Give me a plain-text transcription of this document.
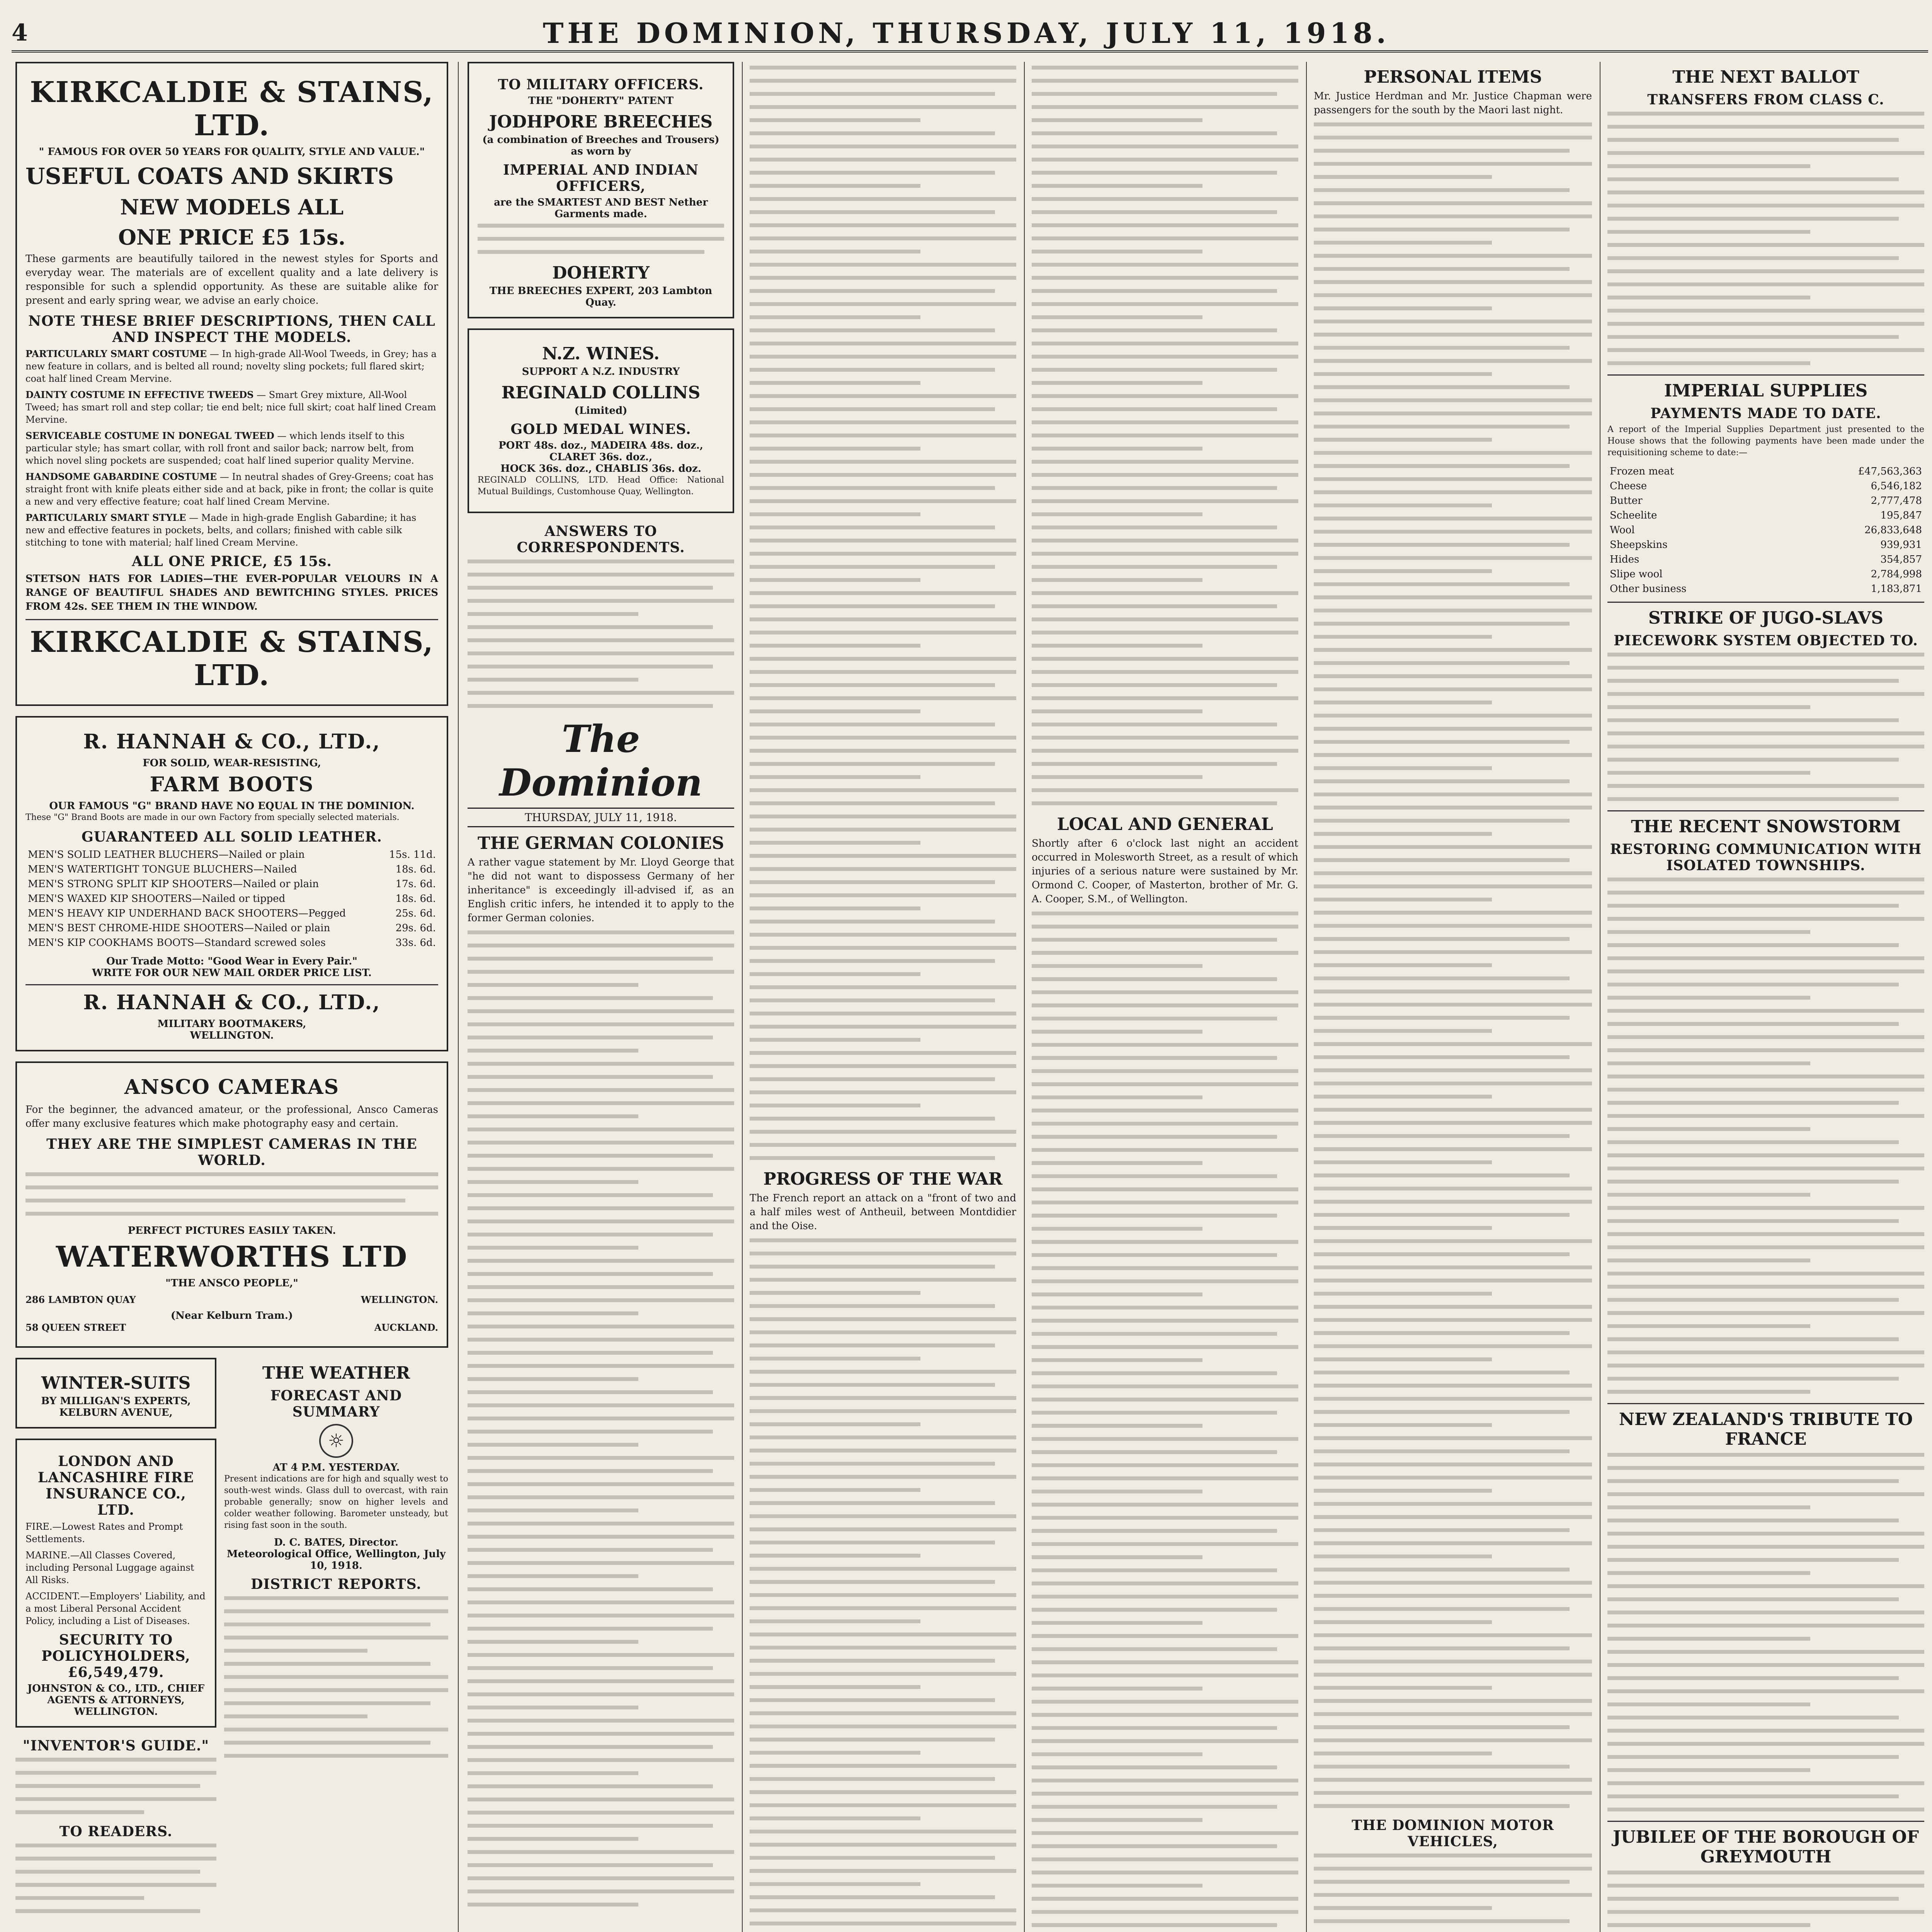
4	THE DOMINION, THURSDAY, JULY 11, 1918.
KIRKCALDIE & STAINS, LTD.
" FAMOUS FOR OVER 50 YEARS FOR QUALITY, STYLE AND VALUE."
USEFUL COATS AND SKIRTS
NEW MODELS ALL
ONE PRICE £5 15s.

These garments are beautifully tailored in the newest styles for Sports and everyday wear. The materials are of excellent quality and a late delivery is responsible for such a splendid opportunity. As these are suitable alike for present and early spring wear, we advise an early choice.

NOTE THESE BRIEF DESCRIPTIONS, THEN CALL AND INSPECT THE MODELS.

PARTICULARLY SMART COSTUME — In high-grade All-Wool Tweeds, in Grey; has a new feature in collars, and is belted all round; novelty sling pockets; full flared skirt; coat half lined Cream Mervine.

DAINTY COSTUME IN EFFECTIVE TWEEDS — Smart Grey mixture, All-Wool Tweed; has smart roll and step collar; tie end belt; nice full skirt; coat half lined Cream Mervine.

SERVICEABLE COSTUME IN DONEGAL TWEED — which lends itself to this particular style; has smart collar, with roll front and sailor back; narrow belt, from which novel sling pockets are suspended; coat half lined superior quality Mervine.

HANDSOME GABARDINE COSTUME — In neutral shades of Grey-Greens; coat has straight front with knife pleats either side and at back, pike in front; the collar is quite a new and very effective feature; coat half lined Cream Mervine.

PARTICULARLY SMART STYLE — Made in high-grade English Gabardine; it has new and effective features in pockets, belts, and collars; finished with cable silk stitching to tone with material; half lined Cream Mervine.

ALL ONE PRICE, £5 15s.

STETSON HATS FOR LADIES—THE EVER-POPULAR VELOURS IN A RANGE OF BEAUTIFUL SHADES AND BEWITCHING STYLES. PRICES FROM 42s. SEE THEM IN THE WINDOW.

KIRKCALDIE & STAINS, LTD.
R. HANNAH & CO., LTD.,
FOR SOLID, WEAR-RESISTING,
FARM BOOTS
OUR FAMOUS "G" BRAND HAVE NO EQUAL IN THE DOMINION.

These "G" Brand Boots are made in our own Factory from specially selected materials.

GUARANTEED ALL SOLID LEATHER.
MEN'S SOLID LEATHER BLUCHERS—Nailed or plain	15s. 11d.
MEN'S WATERTIGHT TONGUE BLUCHERS—Nailed	18s. 6d.
MEN'S STRONG SPLIT KIP SHOOTERS—Nailed or plain	17s. 6d.
MEN'S WAXED KIP SHOOTERS—Nailed or tipped	18s. 6d.
MEN'S HEAVY KIP UNDERHAND BACK SHOOTERS—Pegged	25s. 6d.
MEN'S BEST CHROME-HIDE SHOOTERS—Nailed or plain	29s. 6d.
MEN'S KIP COOKHAMS BOOTS—Standard screwed soles	33s. 6d.
Our Trade Motto: "Good Wear in Every Pair."
WRITE FOR OUR NEW MAIL ORDER PRICE LIST.
R. HANNAH & CO., LTD.,
MILITARY BOOTMAKERS,
WELLINGTON.
ANSCO CAMERAS

For the beginner, the advanced amateur, or the professional, Ansco Cameras offer many exclusive features which make photography easy and certain.

THEY ARE THE SIMPLEST CAMERAS IN THE WORLD.
PERFECT PICTURES EASILY TAKEN.
WATERWORTHS LTD
"THE ANSCO PEOPLE,"
286 LAMBTON QUAY	WELLINGTON.
(Near Kelburn Tram.)
58 QUEEN STREET	AUCKLAND.
WINTER-SUITS
BY MILLIGAN'S EXPERTS,
KELBURN AVENUE,
LONDON AND LANCASHIRE FIRE INSURANCE CO., LTD.

FIRE.—Lowest Rates and Prompt Settlements.

MARINE.—All Classes Covered, including Personal Luggage against All Risks.

ACCIDENT.—Employers' Liability, and a most Liberal Personal Accident Policy, including a List of Diseases.

SECURITY TO POLICYHOLDERS, £6,549,479.
JOHNSTON & CO., LTD., CHIEF AGENTS & ATTORNEYS, WELLINGTON.
"INVENTOR'S GUIDE."
TO READERS.
THE WEATHER
FORECAST AND SUMMARY
☼
AT 4 P.M. YESTERDAY.

Present indications are for high and squally west to south-west winds. Glass dull to overcast, with rain probable generally; snow on higher levels and colder weather following. Barometer unsteady, but rising fast soon in the south.

D. C. BATES, Director.
Meteorological Office, Wellington, July 10, 1918.
DISTRICT REPORTS.
TO MILITARY OFFICERS.
THE "DOHERTY" PATENT
JODHPORE BREECHES
(a combination of Breeches and Trousers) as worn by
IMPERIAL AND INDIAN OFFICERS,
are the SMARTEST AND BEST Nether Garments made.
DOHERTY
THE BREECHES EXPERT, 203 Lambton Quay.
N.Z. WINES.
SUPPORT A N.Z. INDUSTRY
REGINALD COLLINS
(Limited)
GOLD MEDAL WINES.
PORT 48s. doz., MADEIRA 48s. doz.,
CLARET 36s. doz.,
HOCK 36s. doz., CHABLIS 36s. doz.

REGINALD COLLINS, LTD. Head Office: National Mutual Buildings, Customhouse Quay, Wellington.

ANSWERS TO CORRESPONDENTS.
The Dominion
THURSDAY, JULY 11, 1918.
THE GERMAN COLONIES

A rather vague statement by Mr. Lloyd George that "he did not want to dispossess Germany of her inheritance" is exceedingly ill-advised if, as an English critic infers, he intended it to apply to the former German colonies.

PROGRESS OF THE WAR

The French report an attack on a "front of two and a half miles west of Antheuil, between Montdidier and the Oise.

LOCAL AND GENERAL

Shortly after 6 o'clock last night an accident occurred in Molesworth Street, as a result of which injuries of a serious nature were sustained by Mr. Ormond C. Cooper, of Masterton, brother of Mr. G. A. Cooper, S.M., of Wellington.

PERSONAL ITEMS

Mr. Justice Herdman and Mr. Justice Chapman were passengers for the south by the Maori last night.

THE DOMINION MOTOR VEHICLES,
THE NEXT BALLOT
TRANSFERS FROM CLASS C.
IMPERIAL SUPPLIES
PAYMENTS MADE TO DATE.

A report of the Imperial Supplies Department just presented to the House shows that the following payments have been made under the requisitioning scheme to date:—

Frozen meat	£47,563,363
Cheese	6,546,182
Butter	2,777,478
Scheelite	195,847
Wool	26,833,648
Sheepskins	939,931
Hides	354,857
Slipe wool	2,784,998
Other business	1,183,871
STRIKE OF JUGO-SLAVS
PIECEWORK SYSTEM OBJECTED TO.
THE RECENT SNOWSTORM
RESTORING COMMUNICATION WITH ISOLATED TOWNSHIPS.
NEW ZEALAND'S TRIBUTE TO FRANCE
JUBILEE OF THE BOROUGH OF GREYMOUTH
